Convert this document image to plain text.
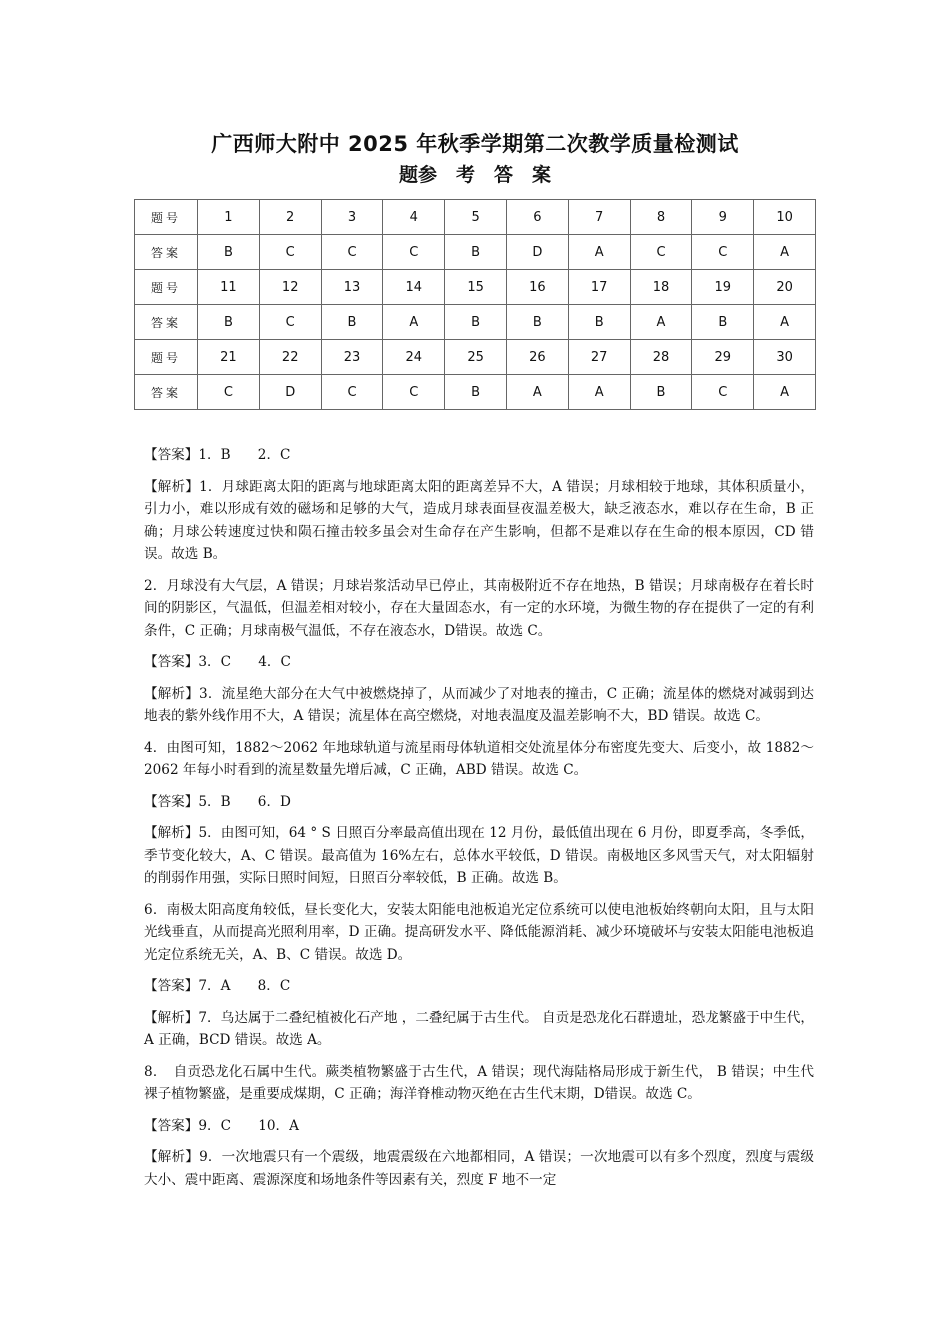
广西师大附中 2025 年秋季学期第二次教学质量检测试
题参　考　答　案
题号	1	2	3	4	5	6	7	8	9	10
答案	B	C	C	C	B	D	A	C	C	A
题号	11	12	13	14	15	16	17	18	19	20
答案	B	C	B	A	B	B	B	A	B	A
题号	21	22	23	24	25	26	27	28	29	30
答案	C	D	C	C	B	A	A	B	C	A

【答案】1．B　　2．C

【解析】1．月球距离太阳的距离与地球距离太阳的距离差异不大，A 错误；月球相较于地球，其体积质量小，引力小，难以形成有效的磁场和足够的大气，造成月球表面昼夜温差极大，缺乏液态水，难以存在生命，B 正确；月球公转速度过快和陨石撞击较多虽会对生命存在产生影响，但都不是难以存在生命的根本原因，CD 错误。故选 B。

2．月球没有大气层，A 错误；月球岩浆活动早已停止，其南极附近不存在地热，B 错误；月球南极存在着长时间的阴影区，气温低，但温差相对较小，存在大量固态水，有一定的水环境，为微生物的存在提供了一定的有利条件，C 正确；月球南极气温低，不存在液态水，D错误。故选 C。

【答案】3．C　　4．C

【解析】3．流星绝大部分在大气中被燃烧掉了，从而减少了对地表的撞击，C 正确；流星体的燃烧对减弱到达地表的紫外线作用不大，A 错误；流星体在高空燃烧，对地表温度及温差影响不大，BD 错误。故选 C。

4．由图可知，1882～2062 年地球轨道与流星雨母体轨道相交处流星体分布密度先变大、后变小，故 1882～2062 年每小时看到的流星数量先增后减，C 正确，ABD 错误。故选 C。

【答案】5．B　　6．D

【解析】5．由图可知，64 ° S 日照百分率最高值出现在 12 月份，最低值出现在 6 月份，即夏季高，冬季低，季节变化较大，A、C 错误。最高值为 16%左右，总体水平较低，D 错误。南极地区多风雪天气，对太阳辐射的削弱作用强，实际日照时间短，日照百分率较低，B 正确。故选 B。

6．南极太阳高度角较低，昼长变化大，安装太阳能电池板追光定位系统可以使电池板始终朝向太阳，且与太阳光线垂直，从而提高光照利用率，D 正确。提高研发水平、降低能源消耗、减少环境破坏与安装太阳能电池板追光定位系统无关，A、B、C 错误。故选 D。

【答案】7．A　　8．C

【解析】7．乌达属于二叠纪植被化石产地 ，二叠纪属于古生代。 自贡是恐龙化石群遗址，恐龙繁盛于中生代，A 正确，BCD 错误。故选 A。

8．　自贡恐龙化石属中生代。蕨类植物繁盛于古生代，A 错误；现代海陆格局形成于新生代， B 错误；中生代裸子植物繁盛，是重要成煤期，C 正确；海洋脊椎动物灭绝在古生代末期，D错误。故选 C。

【答案】9．C　　10．A

【解析】9．一次地震只有一个震级，地震震级在六地都相同，A 错误；一次地震可以有多个烈度，烈度与震级大小、震中距离、震源深度和场地条件等因素有关，烈度 F 地不一定
